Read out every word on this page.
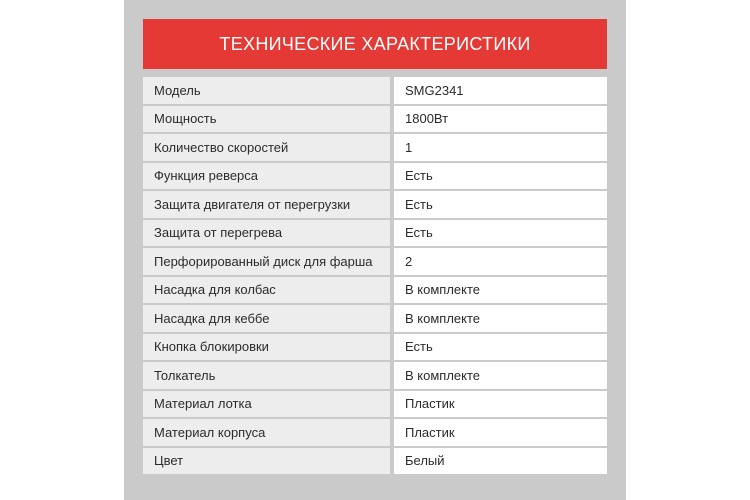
ТЕХНИЧЕСКИЕ ХАРАКТЕРИСТИКИ
Модель	SMG2341
Мощность	1800Вт
Количество скоростей	1
Функция реверса	Есть
Защита двигателя от перегрузки	Есть
Защита от перегрева	Есть
Перфорированный диск для фарша	2
Насадка для колбас	В комплекте
Насадка для кеббе	В комплекте
Кнопка блокировки	Есть
Толкатель	В комплекте
Материал лотка	Пластик
Материал корпуса	Пластик
Цвет	Белый
